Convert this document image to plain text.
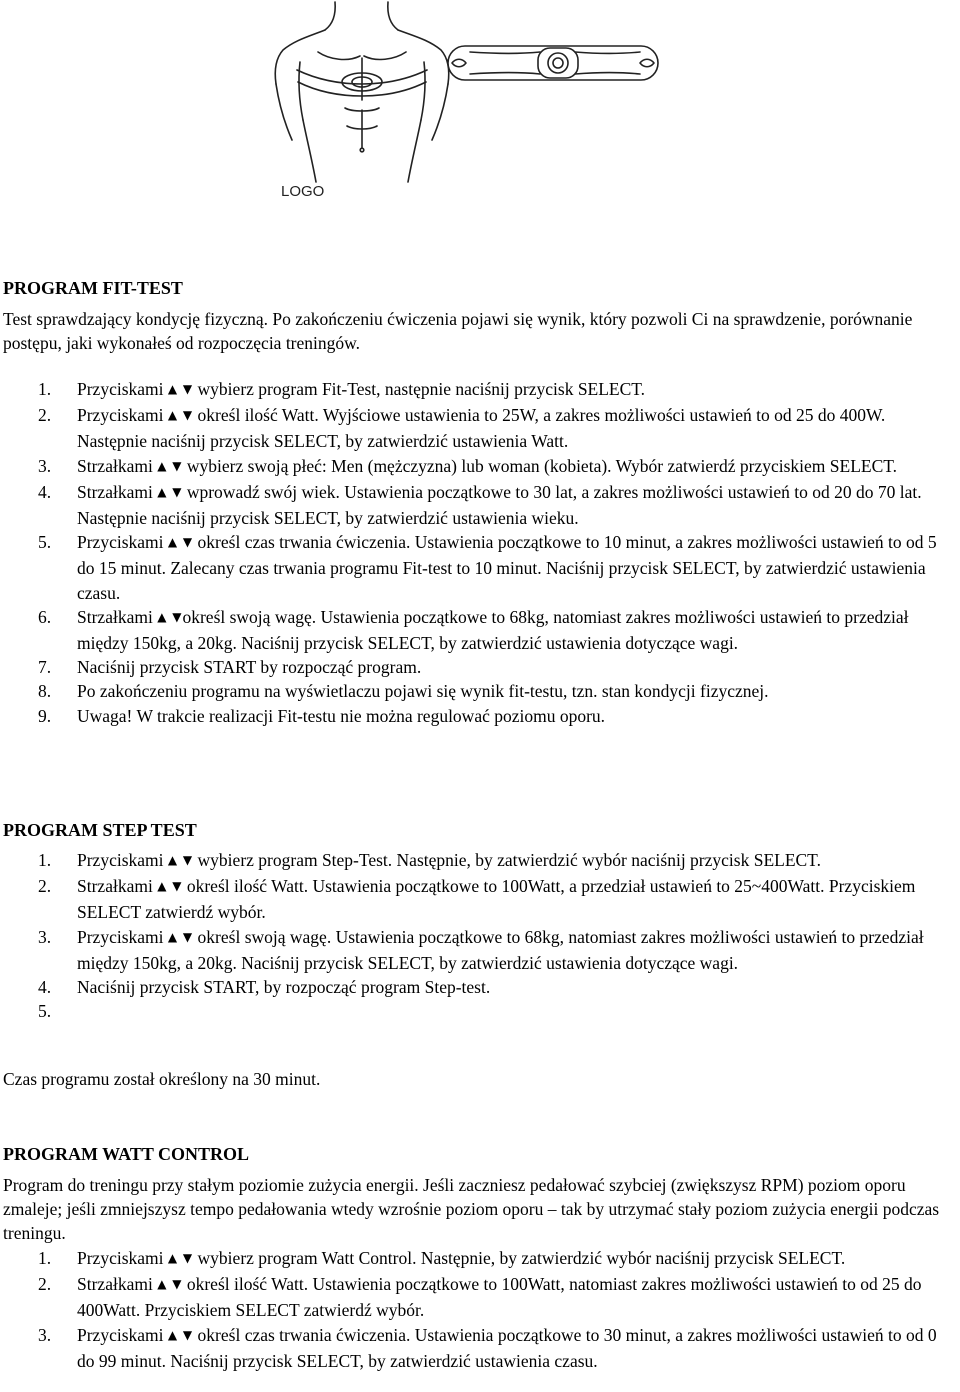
LOGO
PROGRAM FIT-TEST

Test sprawdzający kondycję fizyczną. Po zakończeniu ćwiczenia pojawi się wynik, który pozwoli Ci na sprawdzenie, porównanie postępu, jaki wykonałeś od rozpoczęcia treningów.

1. Przyciskami ▲ ▼ wybierz program Fit-Test, następnie naciśnij przycisk SELECT.
2. Przyciskami ▲ ▼ określ ilość Watt. Wyjściowe ustawienia to 25W, a zakres możliwości ustawień to od 25 do 400W. Następnie naciśnij przycisk SELECT, by zatwierdzić ustawienia Watt.
3. Strzałkami ▲ ▼ wybierz swoją płeć: Men (mężczyzna) lub woman (kobieta). Wybór zatwierdź przyciskiem SELECT.
4. Strzałkami ▲ ▼ wprowadź swój wiek. Ustawienia początkowe to 30 lat, a zakres możliwości ustawień to od 20 do 70 lat. Następnie naciśnij przycisk SELECT, by zatwierdzić ustawienia wieku.
5. Przyciskami ▲ ▼ określ czas trwania ćwiczenia. Ustawienia początkowe to 10 minut, a zakres możliwości ustawień to od 5 do 15 minut. Zalecany czas trwania programu Fit-test to 10 minut. Naciśnij przycisk SELECT, by zatwierdzić ustawienia czasu.
6. Strzałkami ▲ ▼określ swoją wagę. Ustawienia początkowe to 68kg, natomiast zakres możliwości ustawień to przedział między 150kg, a 20kg. Naciśnij przycisk SELECT, by zatwierdzić ustawienia dotyczące wagi.
7. Naciśnij przycisk START by rozpocząć program.
8. Po zakończeniu programu na wyświetlaczu pojawi się wynik fit-testu, tzn. stan kondycji fizycznej.
9. Uwaga! W trakcie realizacji Fit-testu nie można regulować poziomu oporu.
PROGRAM STEP TEST
1. Przyciskami ▲ ▼ wybierz program Step-Test. Następnie, by zatwierdzić wybór naciśnij przycisk SELECT.
2. Strzałkami ▲ ▼ określ ilość Watt. Ustawienia początkowe to 100Watt, a przedział ustawień to 25~400Watt. Przyciskiem SELECT zatwierdź wybór.
3. Przyciskami ▲ ▼ określ swoją wagę. Ustawienia początkowe to 68kg, natomiast zakres możliwości ustawień to przedział między 150kg, a 20kg. Naciśnij przycisk SELECT, by zatwierdzić ustawienia dotyczące wagi.
4. Naciśnij przycisk START, by rozpocząć program Step-test.
5.

Czas programu został określony na 30 minut.

PROGRAM WATT CONTROL

Program do treningu przy stałym poziomie zużycia energii. Jeśli zaczniesz pedałować szybciej (zwiększysz RPM) poziom oporu zmaleje; jeśli zmniejszysz tempo pedałowania wtedy wzrośnie poziom oporu – tak by utrzymać stały poziom zużycia energii podczas treningu.

1. Przyciskami ▲ ▼ wybierz program Watt Control. Następnie, by zatwierdzić wybór naciśnij przycisk SELECT.
2. Strzałkami ▲ ▼ określ ilość Watt. Ustawienia początkowe to 100Watt, natomiast zakres możliwości ustawień to od 25 do 400Watt. Przyciskiem SELECT zatwierdź wybór.
3. Przyciskami ▲ ▼ określ czas trwania ćwiczenia. Ustawienia początkowe to 30 minut, a zakres możliwości ustawień to od 0 do 99 minut. Naciśnij przycisk SELECT, by zatwierdzić ustawienia czasu.
